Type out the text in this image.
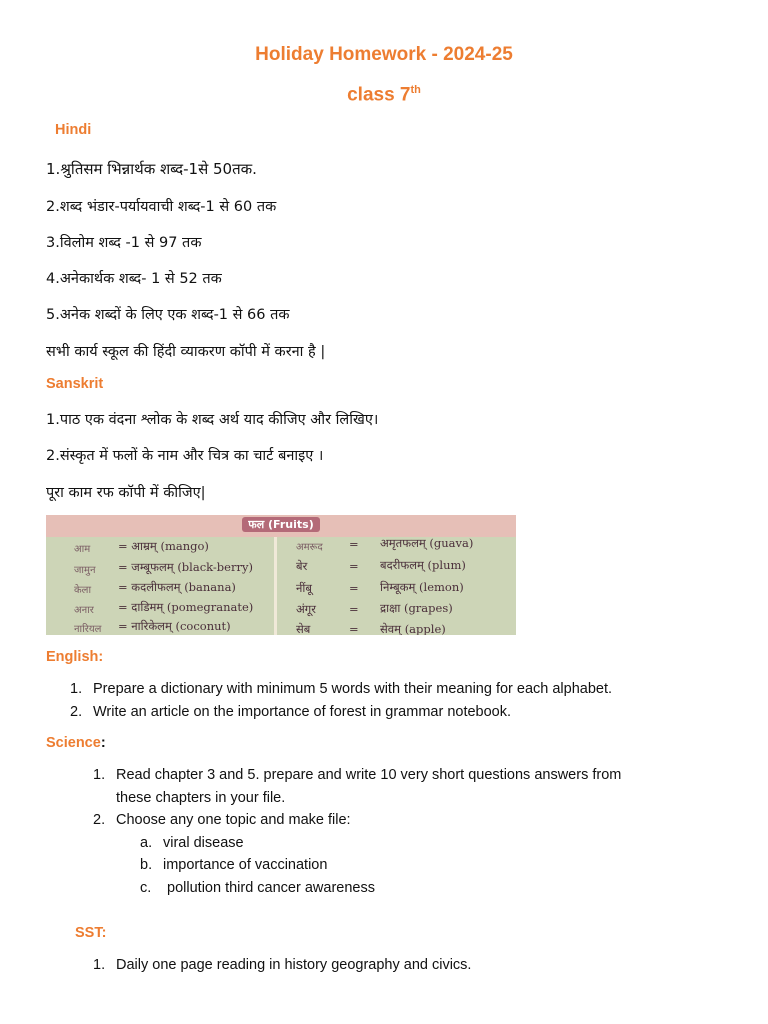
Holiday Homework - 2024-25
class 7th
Hindi
1.श्रुतिसम भिन्नार्थक शब्द-1से 50तक.
2.शब्द भंडार-पर्यायवाची शब्द-1 से 60 तक
3.विलोम शब्द -1 से 97 तक
4.अनेकार्थक शब्द- 1 से 52 तक
5.अनेक शब्दों के लिए एक शब्द-1 से 66 तक
सभी कार्य स्कूल की हिंदी व्याकरण कॉपी में करना है |
Sanskrit
1.पाठ एक वंदना श्लोक के शब्द अर्थ याद कीजिए और लिखिए।
2.संस्कृत में फलों के नाम और चित्र का चार्ट बनाइए ।
पूरा काम रफ कॉपी में कीजिए|
फल (Fruits)
आम = आम्रम् (mango)
जामुन = जम्बूफलम् (black-berry)
केला = कदलीफलम् (banana)
अनार = दाडिमम् (pomegranate)
नारियल = नारिकेलम् (coconut)
अमरूद = अमृतफलम् (guava)
बेर	= बदरीफलम् (plum)
नींबू	= निम्बूकम् (lemon)
अंगूर	= द्राक्षा (grapes)
सेब	= सेवम् (apple)
English:
1. Prepare a dictionary with minimum 5 words with their meaning for each alphabet.
2. Write an article on the importance of forest in grammar notebook.
Science:
1. Read chapter 3 and 5. prepare and write 10 very short questions answers from
these chapters in your file.
2. Choose any one topic and make file:
a. viral disease
b. importance of vaccination
c. pollution third cancer awareness
SST:
1. Daily one page reading in history geography and civics.
